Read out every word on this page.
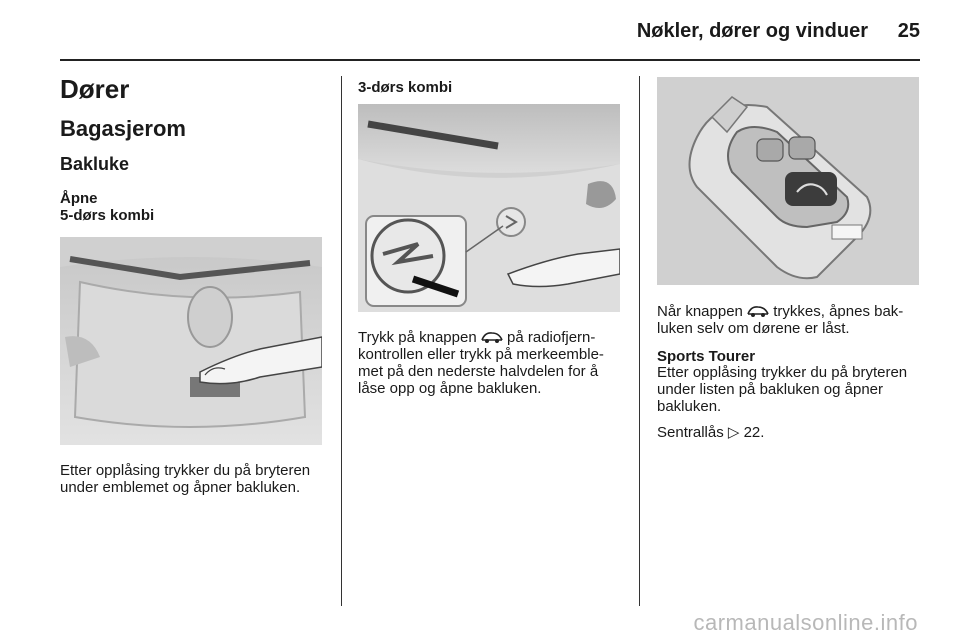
Nøkler, dører og vinduer 25
Dører
Bagasjerom
Bakluke
Åpne
5-dørs kombi

Etter opplåsing trykker du på bryteren
under emblemet og åpner bakluken.

3-dørs kombi

Trykk på knappen  på radiofjern-
kontrollen eller trykk på merkeemble-
met på den nederste halvdelen for å
låse opp og åpne bakluken.

Når knappen  trykkes, åpnes bak-
luken selv om dørene er låst.

Sports Tourer

Etter opplåsing trykker du på bryteren
under listen på bakluken og åpner
bakluken.

Sentrallås ▷ 22.

carmanualsonline.info
